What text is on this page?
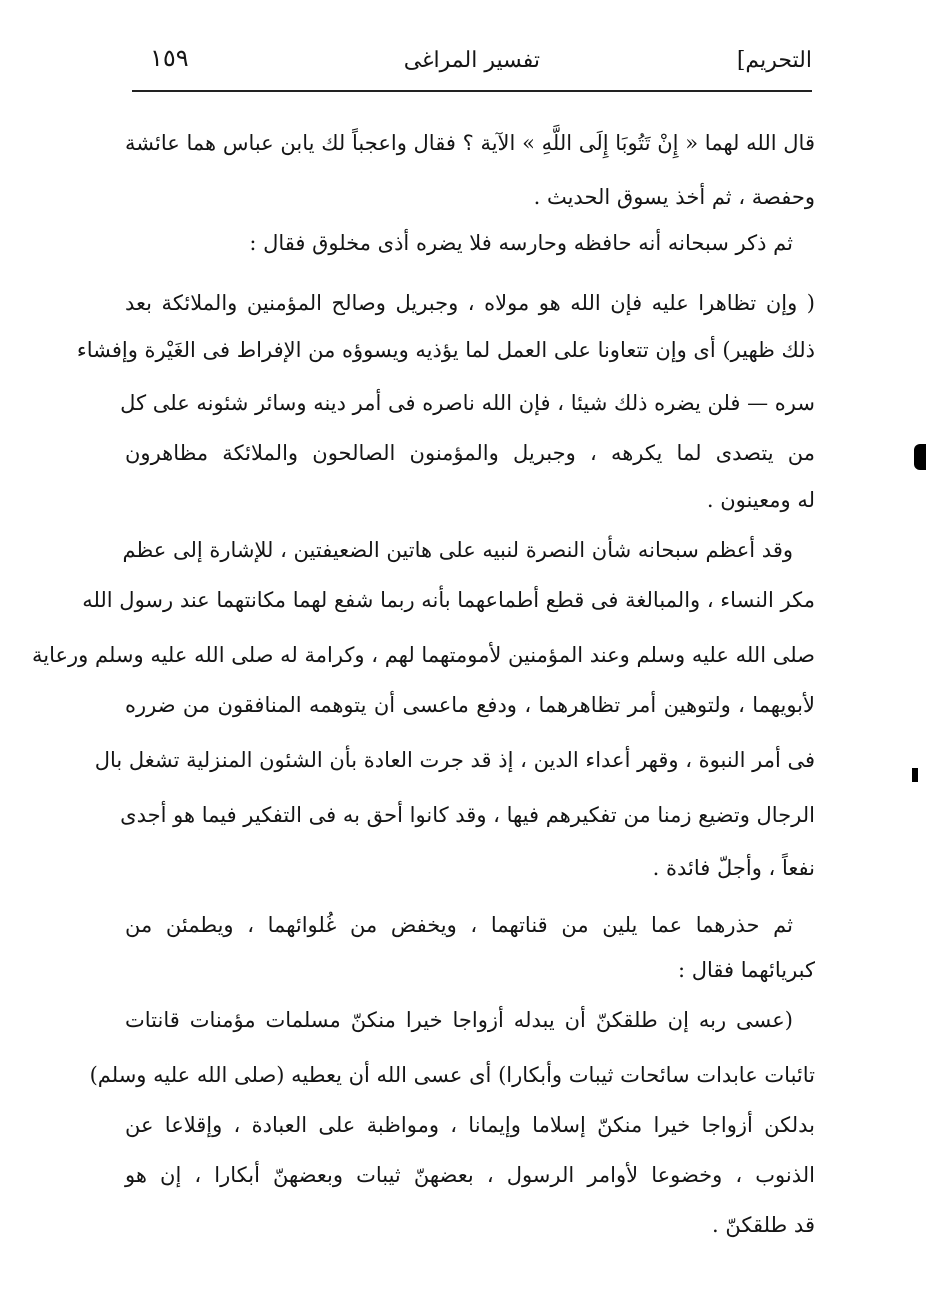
التحريم]
تفسير المراغى
١٥٩
قال الله لهما « إِنْ تَتُوبَا إِلَى اللَّهِ » الآية ؟ فقال واعجباً لك يابن عباس هما عائشة
وحفصة ، ثم أخذ يسوق الحديث .
ثم ذكر سبحانه أنه حافظه وحارسه فلا يضره أذى مخلوق فقال :
( وإن تظاهرا عليه فإن الله هو مولاه ، وجبريل وصالح المؤمنين والملائكة بعد
ذلك ظهير) أى وإن تتعاونا على العمل لما يؤذيه ويسوؤه من الإفراط فى الغَيْرة وإفشاء
سره — فلن يضره ذلك شيئا ، فإن الله ناصره فى أمر دينه وسائر شئونه على كل
من يتصدى لما يكرهه ، وجبريل والمؤمنون الصالحون والملائكة مظاهرون
له ومعينون .
وقد أعظم سبحانه شأن النصرة لنبيه على هاتين الضعيفتين ، للإشارة إلى عظم
مكر النساء ، والمبالغة فى قطع أطماعهما بأنه ربما شفع لهما مكانتهما عند رسول الله
صلى الله عليه وسلم وعند المؤمنين لأمومتهما لهم ، وكرامة له صلى الله عليه وسلم ورعاية
لأبويهما ، ولتوهين أمر تظاهرهما ، ودفع ماعسى أن يتوهمه المنافقون من ضرره
فى أمر النبوة ، وقهر أعداء الدين ، إذ قد جرت العادة بأن الشئون المنزلية تشغل بال
الرجال وتضيع زمنا من تفكيرهم فيها ، وقد كانوا أحق به فى التفكير فيما هو أجدى
نفعاً ، وأجلّ فائدة .
ثم حذرهما عما يلين من قناتهما ، ويخفض من غُلوائهما ، ويطمئن من
كبريائهما فقال :
(عسى ربه إن طلقكنّ أن يبدله أزواجا خيرا منكنّ مسلمات مؤمنات قانتات
تائبات عابدات سائحات ثيبات وأبكارا) أى عسى الله أن يعطيه (صلى الله عليه وسلم)
بدلكن أزواجا خيرا منكنّ إسلاما وإيمانا ، ومواظبة على العبادة ، وإقلاعا عن
الذنوب ، وخضوعا لأوامر الرسول ، بعضهنّ ثيبات وبعضهنّ أبكارا ، إن هو
قد طلقكنّ .
